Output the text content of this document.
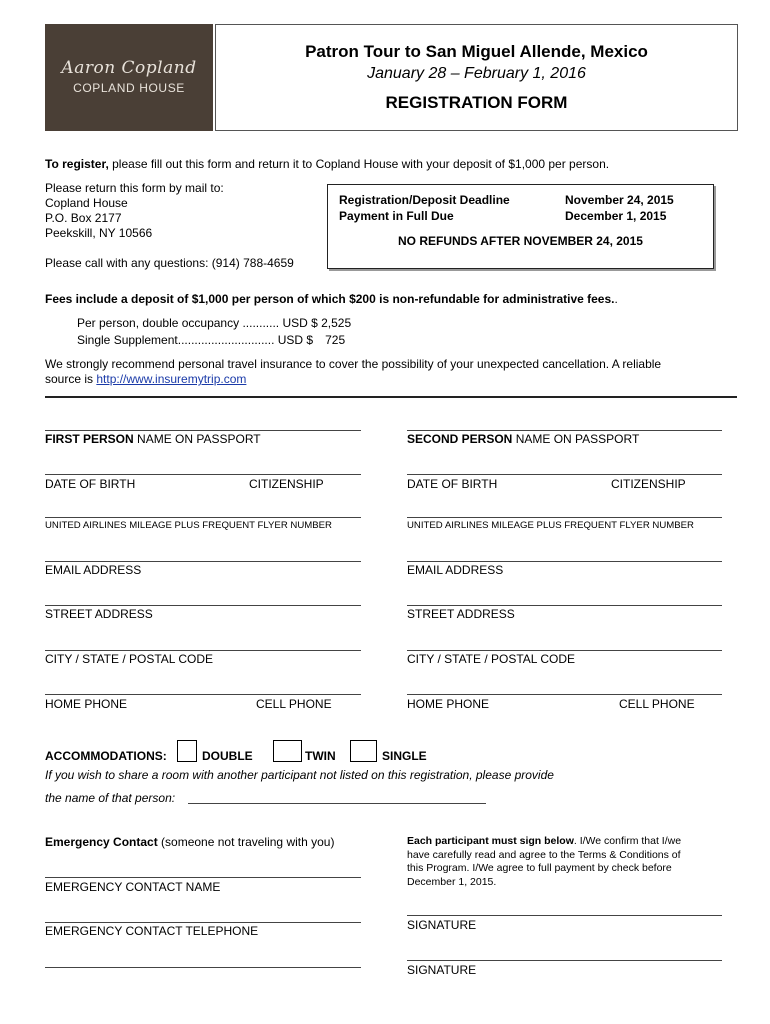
Aaron Copland
COPLAND HOUSE
Patron Tour to San Miguel Allende, Mexico
January 28 – February 1, 2016
REGISTRATION FORM
To register, please fill out this form and return it to Copland House with your deposit of $1,000 per person.
Please return this form by mail to:
Copland House
P.O. Box 2177
Peekskill, NY 10566
Please call with any questions: (914) 788-4659
Registration/Deposit Deadline	November 24, 2015
Payment in Full Due	December 1, 2015
NO REFUNDS AFTER NOVEMBER 24, 2015
Fees include a deposit of $1,000 per person of which $200 is non-refundable for administrative fees..
Per person, double occupancy ........... USD $ 2,525
Single Supplement............................. USD $ 725
We strongly recommend personal travel insurance to cover the possibility of your unexpected cancellation. A reliable
source is http://www.insuremytrip.com
FIRST PERSON NAME ON PASSPORT
DATE OF BIRTH	CITIZENSHIP
UNITED AIRLINES MILEAGE PLUS FREQUENT FLYER NUMBER
EMAIL ADDRESS
STREET ADDRESS
CITY / STATE / POSTAL CODE
HOME PHONE	CELL PHONE
SECOND PERSON NAME ON PASSPORT
DATE OF BIRTH	CITIZENSHIP
UNITED AIRLINES MILEAGE PLUS FREQUENT FLYER NUMBER
EMAIL ADDRESS
STREET ADDRESS
CITY / STATE / POSTAL CODE
HOME PHONE	CELL PHONE
ACCOMMODATIONS:	DOUBLE	TWIN	SINGLE
If you wish to share a room with another participant not listed on this registration, please provide
the name of that person:
Emergency Contact (someone not traveling with you)
EMERGENCY CONTACT NAME
EMERGENCY CONTACT TELEPHONE
Each participant must sign below. I/We confirm that I/we
have carefully read and agree to the Terms & Conditions of
this Program. I/We agree to full payment by check before
December 1, 2015.
SIGNATURE
SIGNATURE
